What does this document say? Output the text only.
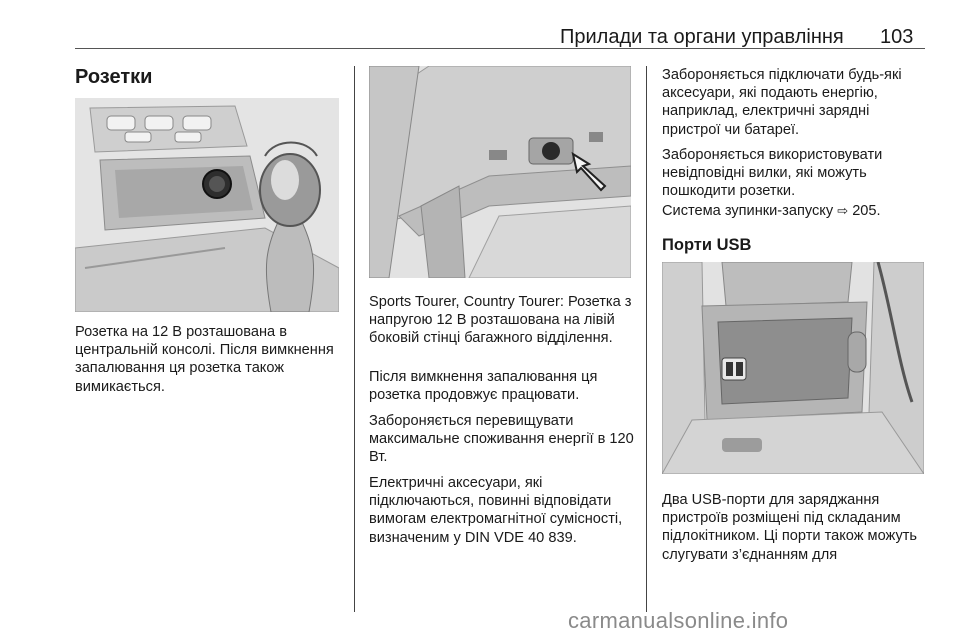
Прилади та органи управління 103
Розетки
Розетка на 12 В розташована в центральній консолі. Після вимкнення запалювання ця розетка також вимикається.
Sports Tourer, Country Tourer: Розетка з напругою 12 В розташована на лівій боковій стінці багажного відділення.
Після вимкнення запалювання ця розетка продовжує працювати.
Забороняється перевищувати максимальне споживання енергії в 120 Вт.
Електричні аксесуари, які підключаються, повинні відповідати вимогам електромагнітної сумісності, визначеним у DIN VDE 40 839.
Забороняється підключати будь-які аксесуари, які подають енергію, наприклад, електричні зарядні пристрої чи батареї.
Забороняється використовувати невідповідні вилки, які можуть пошкодити розетки.
Система зупинки-запуску ⇨ 205.
Порти USB
Два USB-порти для заряджання пристроїв розміщені під складаним підлокітником. Ці порти також можуть слугувати з’єднанням для
carmanualsonline.info
